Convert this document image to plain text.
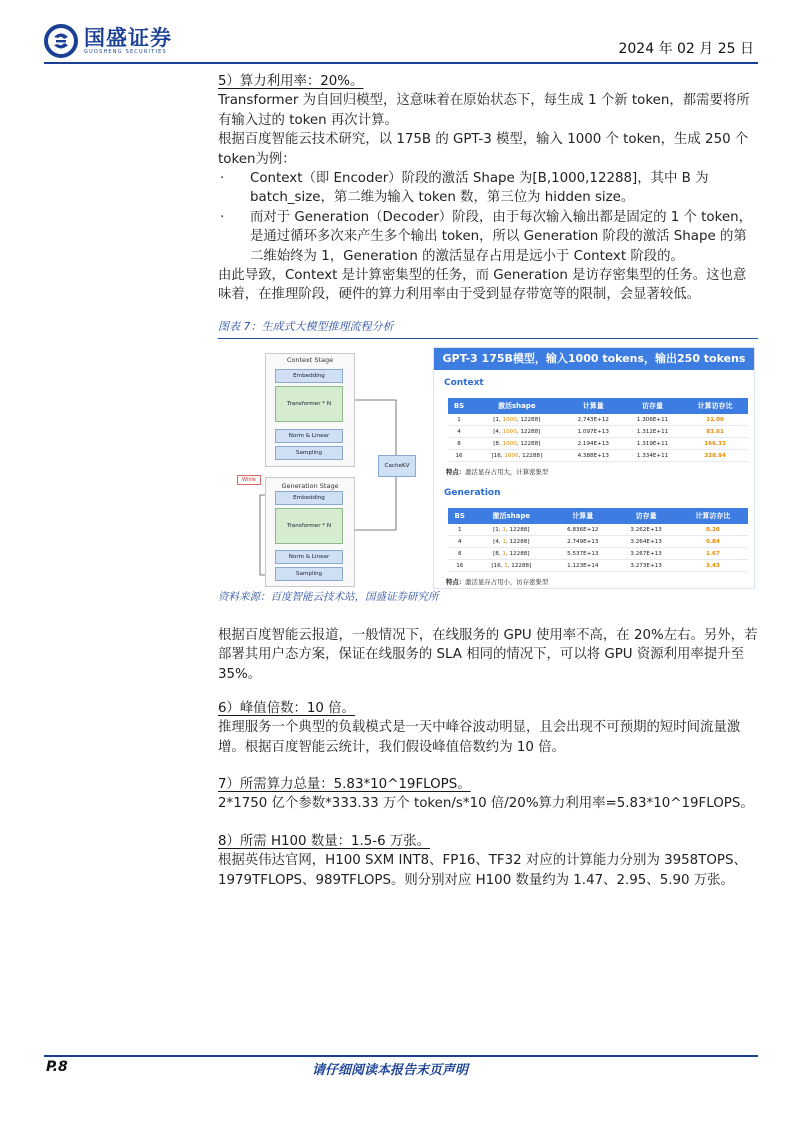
国盛证券
GUOSHENG SECURITIES	2024 年 02 月 25 日

5）算力利用率：20%。

Transformer 为自回归模型，这意味着在原始状态下，每生成 1 个新 token，都需要将所有输入过的 token 再次计算。

根据百度智能云技术研究，以 175B 的 GPT-3 模型，输入 1000 个 token，生成 250 个 token为例：

·	Context（即 Encoder）阶段的激活 Shape 为[B,1000,12288]，其中 B 为 batch_size，第二维为输入 token 数，第三位为 hidden size。
·	而对于 Generation（Decoder）阶段，由于每次输入输出都是固定的 1 个 token，是通过循环多次来产生多个输出 token，所以 Generation 阶段的激活 Shape 的第二维始终为 1，Generation 的激活显存占用是远小于 Context 阶段的。

由此导致，Context 是计算密集型的任务，而 Generation 是访存密集型的任务。这也意味着，在推理阶段，硬件的算力利用率由于受到显存带宽等的限制，会显著较低。

图表 7：生成式大模型推理流程分析
Context Stage
Embedding
Transformer * N
Norm & Linear
Sampling
CacheKV
While
Generation Stage
Embedding
Transformer * N
Norm & Linear
Sampling
GPT-3 175B模型，输入1000 tokens，输出250 tokens
Context
BS	激活shape	计算量	访存量	计算访存比
1	[1, 1000, 12288]	2.743E+12	1.306E+11	21.00
4	[4, 1000, 12288]	1.097E+13	1.312E+11	83.61
8	[8, 1000, 12288]	2.194E+13	1.319E+11	166.33
16	[16, 1000, 12288]	4.388E+13	1.334E+11	328.94
特点：激活显存占用大，计算密集型
Generation
BS	激活shape	计算量	访存量	计算访存比
1	[1, 1, 12288]	6.836E+12	3.262E+13	0.20
4	[4, 1, 12288]	2.749E+13	3.264E+13	0.84
8	[8, 1, 12288]	5.537E+13	3.267E+13	1.67
16	[16, 1, 12288]	1.123E+14	3.273E+13	3.43
特点：激活显存占用小，访存密集型
资料来源：百度智能云技术站，国盛证券研究所

根据百度智能云报道，一般情况下，在线服务的 GPU 使用率不高，在 20%左右。另外，若部署其用户态方案，保证在线服务的 SLA 相同的情况下，可以将 GPU 资源利用率提升至 35%。

6）峰值倍数：10 倍。

推理服务一个典型的负载模式是一天中峰谷波动明显，且会出现不可预期的短时间流量激增。根据百度智能云统计，我们假设峰值倍数约为 10 倍。

7）所需算力总量：5.83*10^19FLOPS。

2*1750 亿个参数*333.33 万个 token/s*10 倍/20%算力利用率=5.83*10^19FLOPS。

8）所需 H100 数量：1.5-6 万张。

根据英伟达官网，H100 SXM INT8、FP16、TF32 对应的计算能力分别为 3958TOPS、1979TFLOPS、989TFLOPS。则分别对应 H100 数量约为 1.47、2.95、5.90 万张。

P.8	请仔细阅读本报告末页声明
